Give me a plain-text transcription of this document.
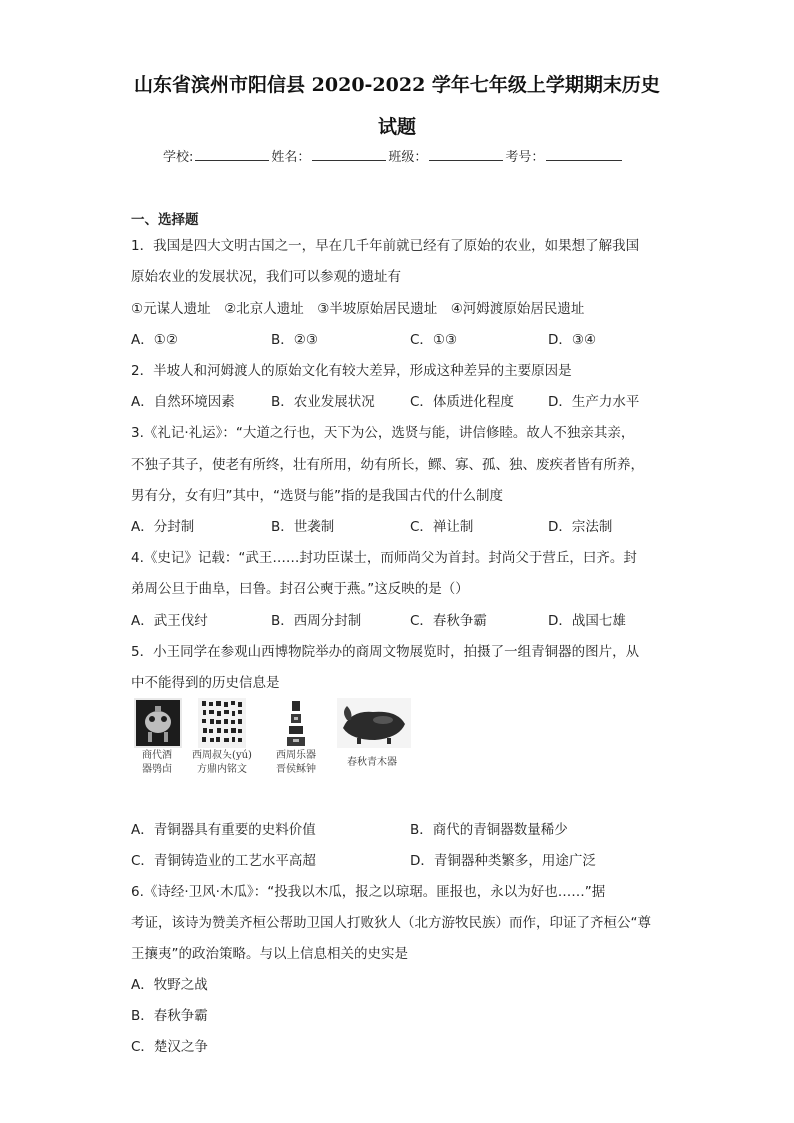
山东省滨州市阳信县 2020-2022 学年七年级上学期期末历史
试题
学校:	姓名：	班级：	考号：
一、选择题
1．我国是四大文明古国之一，早在几千年前就已经有了原始的农业，如果想了解我国
原始农业的发展状况，我们可以参观的遗址有
①元谋人遗址　②北京人遗址　③半坡原始居民遗址　④河姆渡原始居民遗址
A．①②	B．②③	C．①③	D．③④
2．半坡人和河姆渡人的原始文化有较大差异，形成这种差异的主要原因是
A．自然环境因素	B．农业发展状况	C．体质进化程度	D．生产力水平
3.《礼记·礼运》：“大道之行也，天下为公，选贤与能，讲信修睦。故人不独亲其亲，
不独子其子，使老有所终，壮有所用，幼有所长，鳏、寡、孤、独、废疾者皆有所养，
男有分，女有归”其中，“选贤与能”指的是我国古代的什么制度
A．分封制	B．世袭制	C．禅让制	D．宗法制
4.《史记》记载：“武王……封功臣谋士，而师尚父为首封。封尚父于营丘，曰齐。封
弟周公旦于曲阜，曰鲁。封召公奭于燕。”这反映的是（）
A．武王伐纣	B．西周分封制	C．春秋争霸	D．战国七雄
5．小王同学在参观山西博物院举办的商周文物展览时，拍摄了一组青铜器的图片，从
中不能得到的历史信息是
商代酒
器鸮卣
西周叔夨(yú)
方鼎内铭文
西周乐器
晋侯稣钟
春秋青木器
A．青铜器具有重要的史料价值	B．商代的青铜器数量稀少
C．青铜铸造业的工艺水平高超	D．青铜器种类繁多，用途广泛
6.《诗经·卫风·木瓜》：“投我以木瓜，报之以琼琚。匪报也，永以为好也……”据
考证，该诗为赞美齐桓公帮助卫国人打败狄人（北方游牧民族）而作，印证了齐桓公“尊
王攘夷”的政治策略。与以上信息相关的史实是
A．牧野之战
B．春秋争霸
C．楚汉之争
